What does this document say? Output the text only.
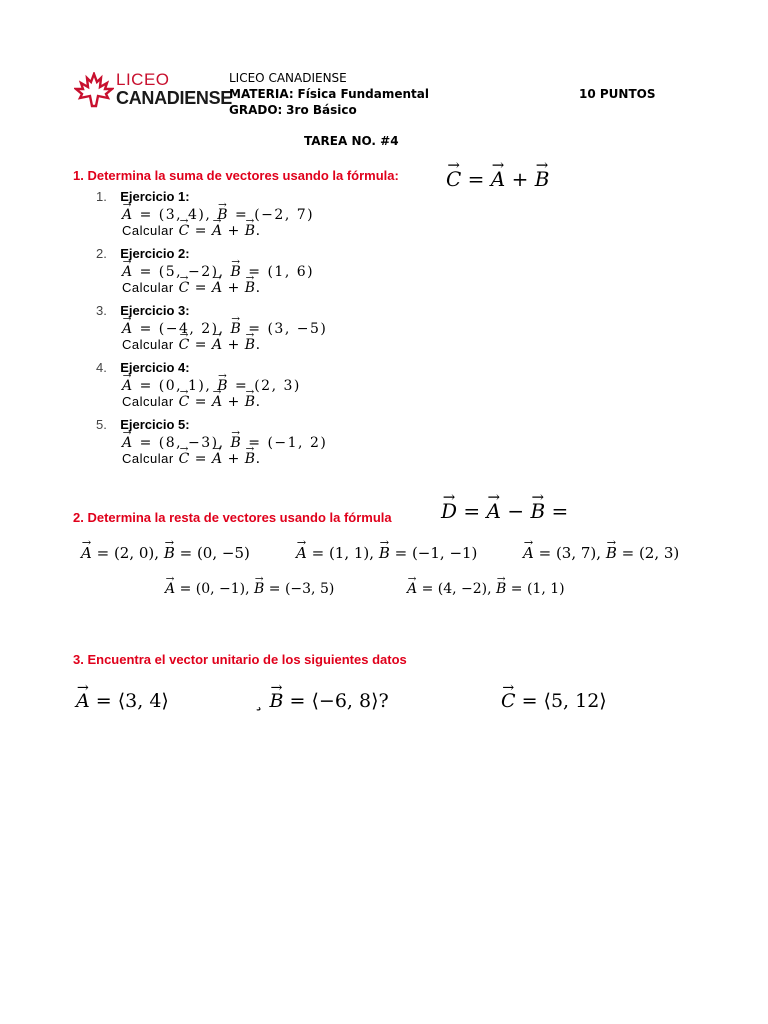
LICEO
CANADIENSE
LICEO CANADIENSE
MATERIA: Física Fundamental
GRADO: 3ro Básico
10 PUNTOS
TAREA NO. #4
1. Determina la suma de vectores usando la fórmula: → C = → A + → B
1. Ejercicio 1:
→ A = (3, 4), → B = (−2, 7)
Calcular → C = → A + → B.
2. Ejercicio 2:
→ A = (5, −2), → B = (1, 6)
Calcular → C = → A + → B.
3. Ejercicio 3:
→ A = (−4, 2), → B = (3, −5)
Calcular → C = → A + → B.
4. Ejercicio 4:
→ A = (0, 1), → B = (2, 3)
Calcular → C = → A + → B.
5. Ejercicio 5:
→ A = (8, −3), → B = (−1, 2)
Calcular → C = → A + → B.
2. Determina la resta de vectores usando la fórmula → D = → A − → B =
→ A = (2, 0), → B = (0, −5)	→ A = (1, 1), → B = (−1, −1)	→ A = (3, 7), → B = (2, 3)
→ A = (0, −1), → B = (−3, 5)	→ A = (4, −2), → B = (1, 1)
3. Encuentra el vector unitario de los siguientes datos
→ A = ⟨3, 4⟩	¸ → B = ⟨−6, 8⟩?	→ C = ⟨5, 12⟩
